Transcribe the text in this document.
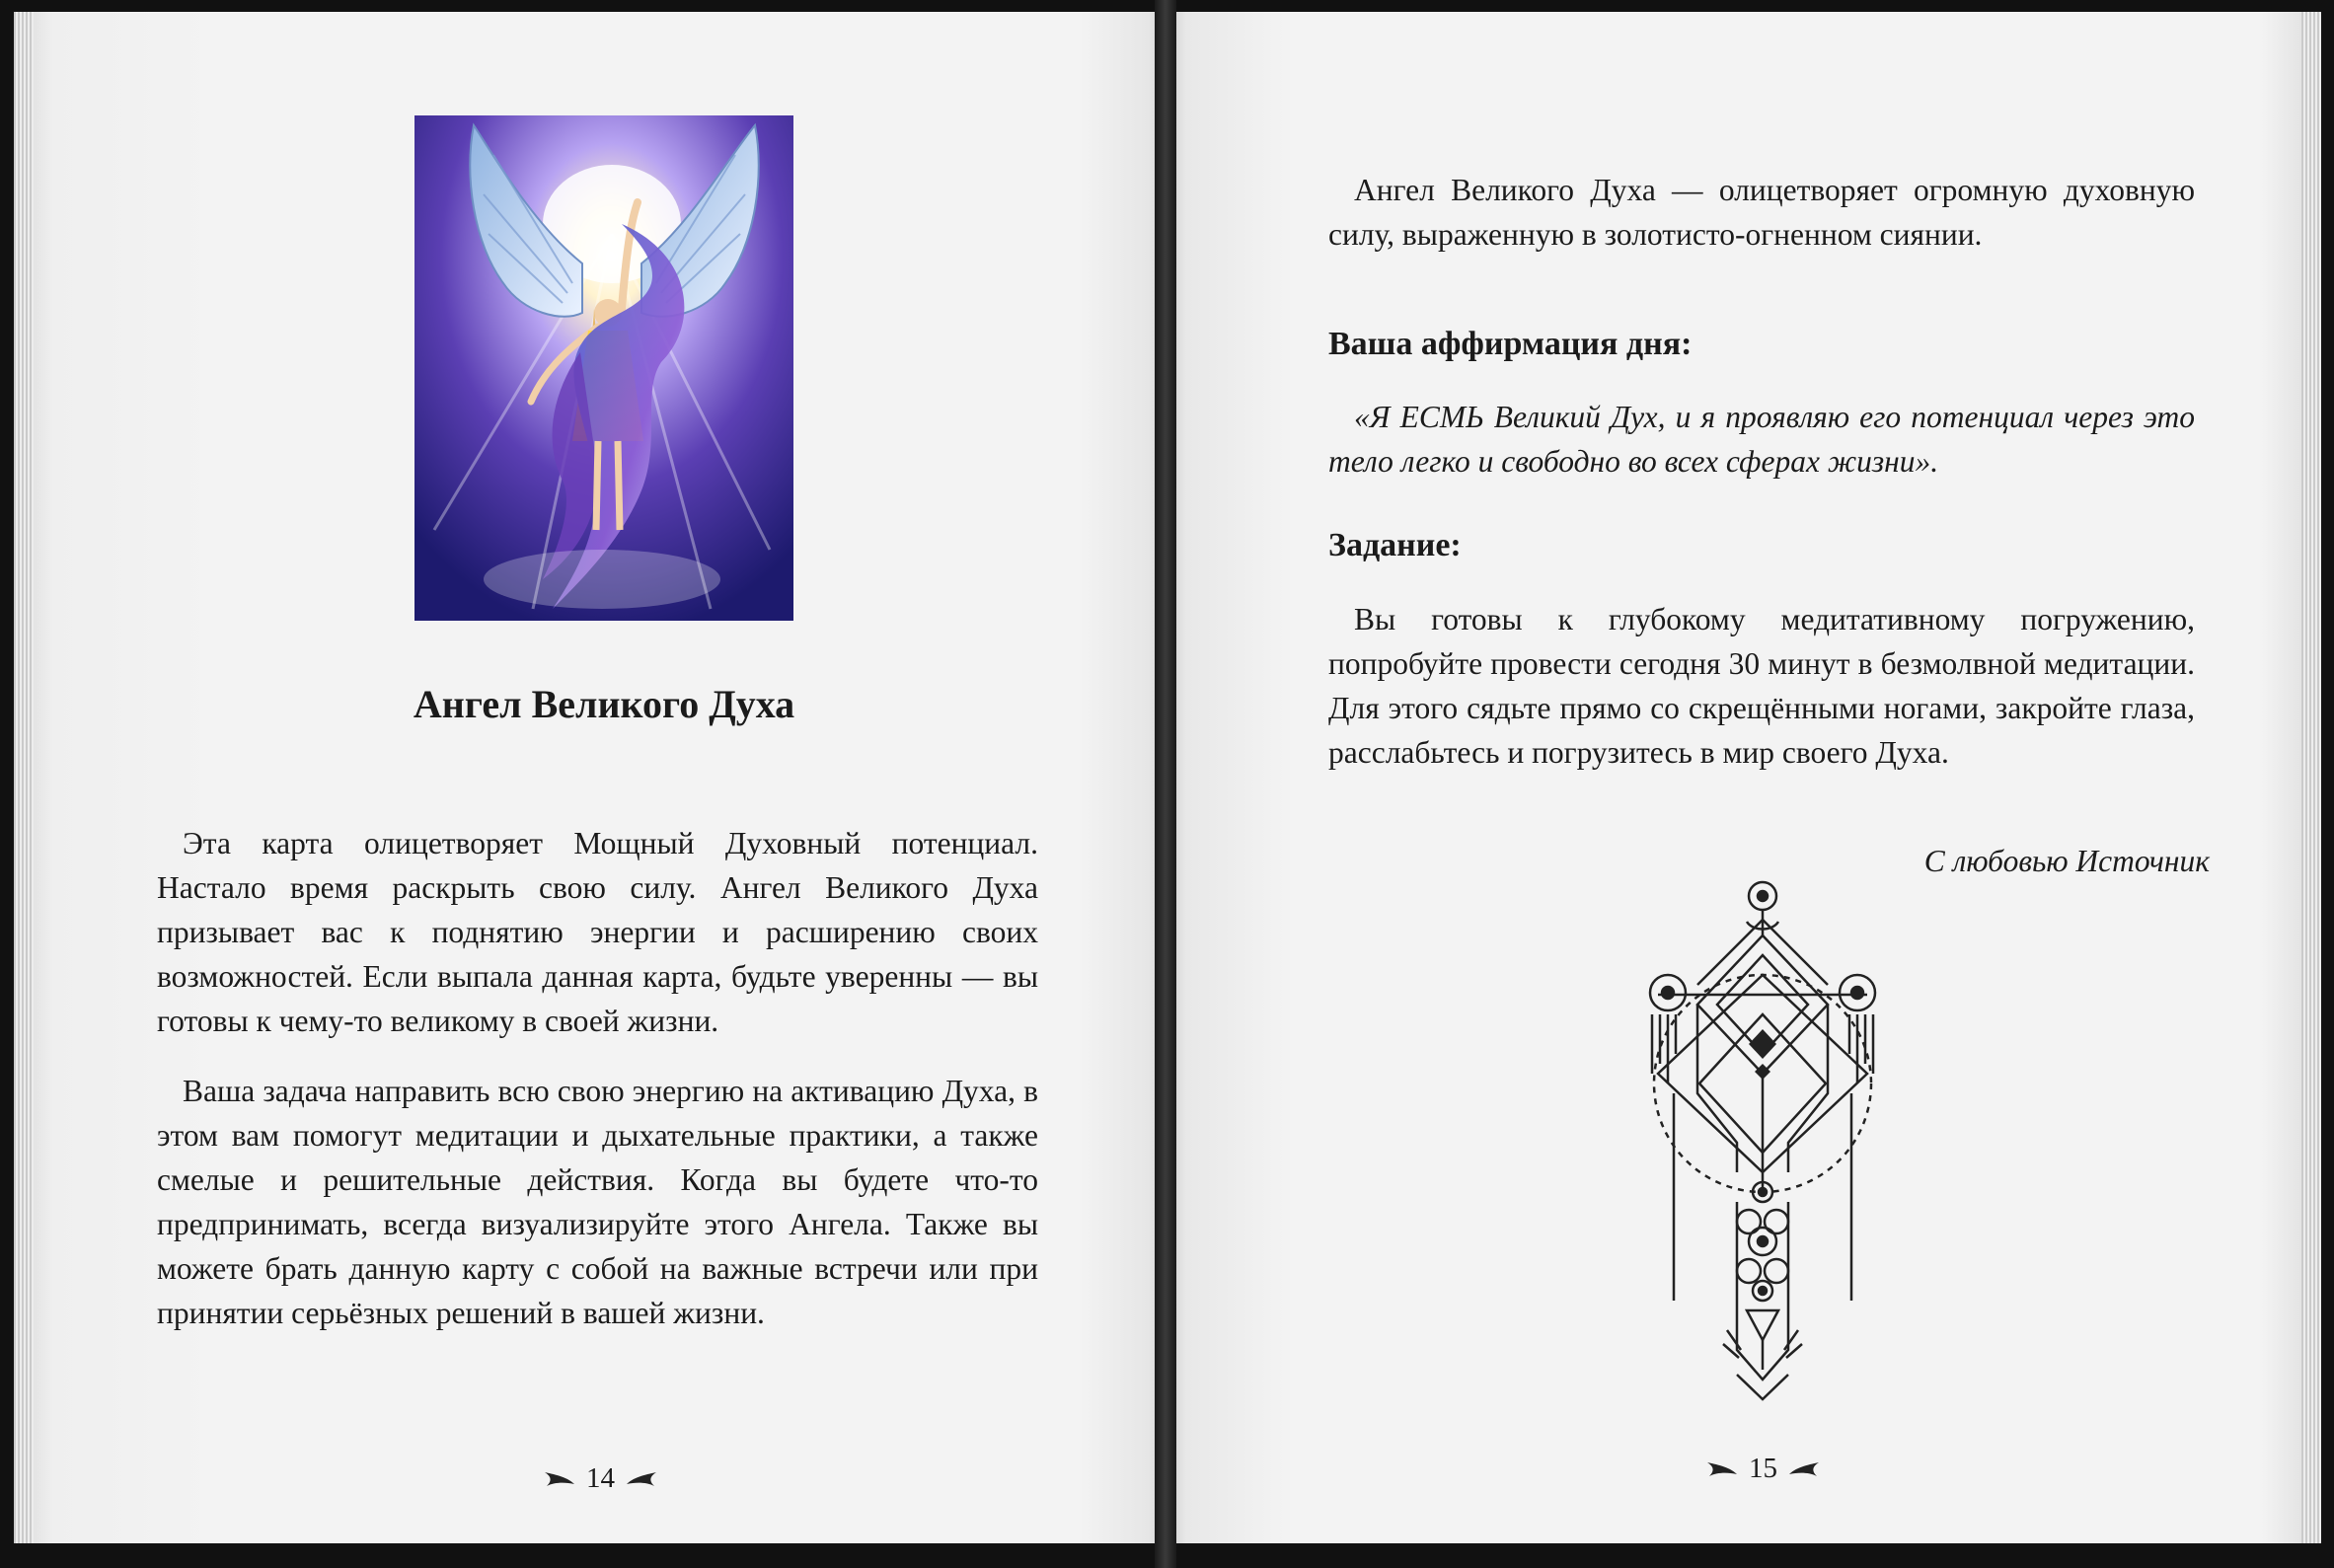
Ангел Великого Духа

Эта карта олицетворяет Мощный Духовный потенциал. Настало время раскрыть свою силу. Ангел Великого Духа призывает вас к поднятию энергии и расширению своих возможностей. Если выпала данная карта, будьте уверенны — вы готовы к чему-то великому в своей жизни.

Ваша задача направить всю свою энергию на активацию Духа, в этом вам помогут медитации и дыхательные практики, а также смелые и решительные действия. Когда вы будете что-то предпринимать, всегда визуализируйте этого Ангела. Также вы можете брать данную карту с собой на важные встречи или при принятии серьёзных решений в вашей жизни.

14

Ангел Великого Духа — олицетворяет огромную духовную силу, выраженную в золотисто-огненном сиянии.

Ваша аффирмация дня:

«Я ЕСМЬ Великий Дух, и я проявляю его потенциал через это тело легко и свободно во всех сферах жизни».

Задание:

Вы готовы к глубокому медитативному погружению, попробуйте провести сегодня 30 минут в безмолвной медитации. Для этого сядьте прямо со скрещёнными ногами, закройте глаза, расслабьтесь и погрузитесь в мир своего Духа.

С любовью Источник
15
